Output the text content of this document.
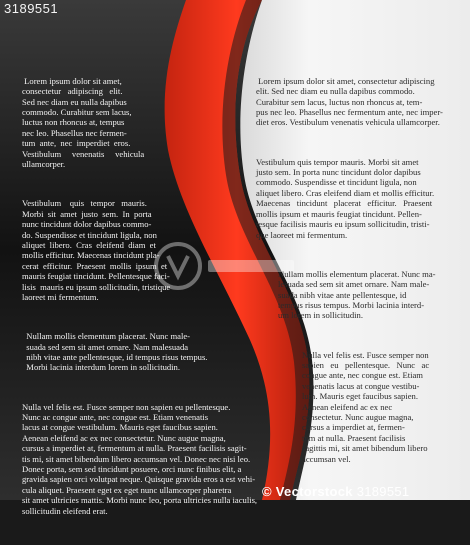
3189551

Lorem ipsum dolor sit amet,
consectetur   adipiscing   elit.
Sed nec diam eu nulla dapibus
commodo. Curabitur sem lacus,
luctus non rhoncus at, tempus
nec leo. Phasellus nec fermen-
tum  ante,  nec  imperdiet  eros.
Vestibulum     venenatis     vehicula
ullamcorper.

Vestibulum    quis   tempor   mauris.
Morbi  sit  amet  justo  sem.  In  porta
nunc tincidunt dolor dapibus commo-
do. Suspendisse et tincidunt ligula, non
aliquet  libero.  Cras  eleifend  diam  et
mollis efficitur. Maecenas tincidunt pla-
cerat  efficitur.  Praesent  mollis  ipsum  et
mauris feugiat tincidunt. Pellentesque faci-
lisis  mauris eu ipsum sollicitudin, tristique
laoreet mi fermentum.

Nullam mollis elementum placerat. Nunc male-
suada sed sem sit amet ornare. Nam malesuada
nibh vitae ante pellentesque, id tempus risus tempus.
Morbi lacinia interdum lorem in sollicitudin.

Nulla vel felis est. Fusce semper non sapien eu pellentesque.
Nunc ac congue ante, nec congue est. Etiam venenatis
lacus at congue vestibulum. Mauris eget faucibus sapien.
Aenean eleifend ac ex nec consectetur. Nunc augue magna,
cursus a imperdiet at, fermentum at nulla. Praesent facilisis sagit-
tis mi, sit amet bibendum libero accumsan vel. Donec nec nisi leo.
Donec porta, sem sed tincidunt posuere, orci nunc finibus elit, a
gravida sapien orci volutpat neque. Quisque gravida eros a est vehi-
cula aliquet. Praesent eget ex eget nunc ullamcorper pharetra
sit amet ultricies mattis. Morbi nunc leo, porta ultricies nulla iaculis,
sollicitudin eleifend erat.

Lorem ipsum dolor sit amet, consectetur adipiscing
elit. Sed nec diam eu nulla dapibus commodo.
Curabitur sem lacus, luctus non rhoncus at, tem-
pus nec leo. Phasellus nec fermentum ante, nec imper-
diet eros. Vestibulum venenatis vehicula ullamcorper.

Vestibulum quis tempor mauris. Morbi sit amet
justo sem. In porta nunc tincidunt dolor dapibus
commodo. Suspendisse et tincidunt ligula, non
aliquet libero. Cras eleifend diam et mollis efficitur.
Maecenas   tincidunt   placerat   efficitur.   Praesent
mollis ipsum et mauris feugiat tincidunt. Pellen-
tesque facilisis mauris eu ipsum sollicitudin, tristi-
que laoreet mi fermentum.

Nullam mollis elementum placerat. Nunc ma-
lesuada sed sem sit amet ornare. Nam male-
suada nibh vitae ante pellentesque, id
tempus risus tempus. Morbi lacinia interd-
um lorem in sollicitudin.

Nulla vel felis est. Fusce semper non
sapien   eu   pellentesque.   Nunc   ac
congue ante, nec congue est. Etiam
venenatis lacus at congue vestibu-
lum. Mauris eget faucibus sapien.
Aenean eleifend ac ex nec
consectetur. Nunc augue magna,
cursus a imperdiet at, fermen-
tum at nulla. Praesent facilisis
sagittis mi, sit amet bibendum libero
accumsan vel.

© Vectorstock 3189551
